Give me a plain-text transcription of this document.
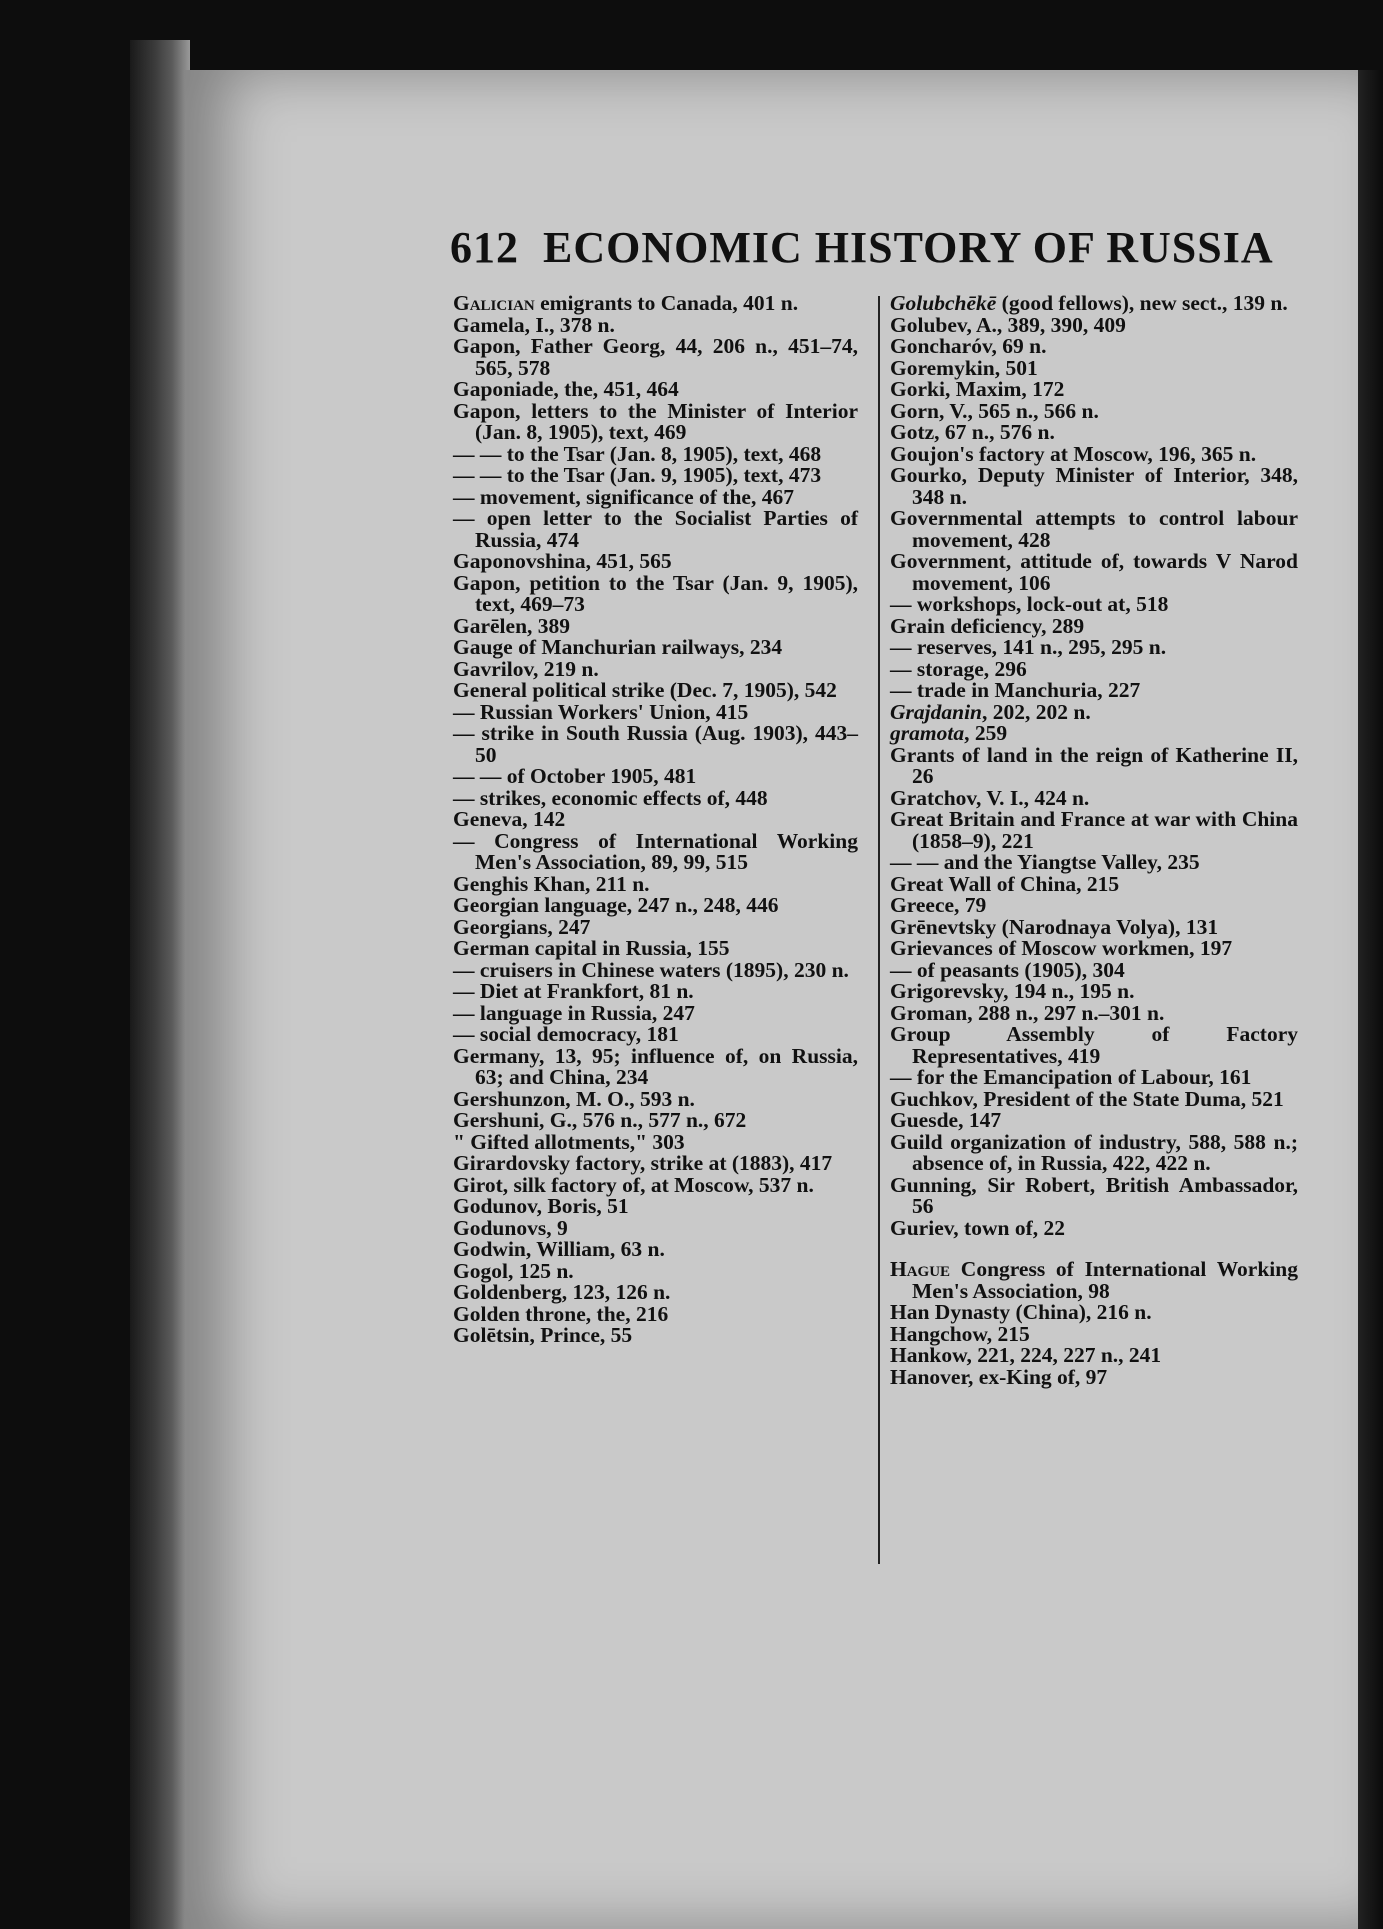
612 ECONOMIC HISTORY OF RUSSIA

Galician emigrants to Canada, 401 n.

Gamela, I., 378 n.

Gapon, Father Georg, 44, 206 n., 451–74, 565, 578

Gaponiade, the, 451, 464

Gapon, letters to the Minister of Interior (Jan. 8, 1905), text, 469

— — to the Tsar (Jan. 8, 1905), text, 468

— — to the Tsar (Jan. 9, 1905), text, 473

— movement, significance of the, 467

— open letter to the Socialist Parties of Russia, 474

Gaponovshina, 451, 565

Gapon, petition to the Tsar (Jan. 9, 1905), text, 469–73

Garēlen, 389

Gauge of Manchurian railways, 234

Gavrilov, 219 n.

General political strike (Dec. 7, 1905), 542

— Russian Workers' Union, 415

— strike in South Russia (Aug. 1903), 443–50

— — of October 1905, 481

— strikes, economic effects of, 448

Geneva, 142

— Congress of International Working Men's Association, 89, 99, 515

Genghis Khan, 211 n.

Georgian language, 247 n., 248, 446

Georgians, 247

German capital in Russia, 155

— cruisers in Chinese waters (1895), 230 n.

— Diet at Frankfort, 81 n.

— language in Russia, 247

— social democracy, 181

Germany, 13, 95; influence of, on Russia, 63; and China, 234

Gershunzon, M. O., 593 n.

Gershuni, G., 576 n., 577 n., 672

" Gifted allotments," 303

Girardovsky factory, strike at (1883), 417

Girot, silk factory of, at Moscow, 537 n.

Godunov, Boris, 51

Godunovs, 9

Godwin, William, 63 n.

Gogol, 125 n.

Goldenberg, 123, 126 n.

Golden throne, the, 216

Golētsin, Prince, 55

Golubchēkē (good fellows), new sect., 139 n.

Golubev, A., 389, 390, 409

Goncharóv, 69 n.

Goremykin, 501

Gorki, Maxim, 172

Gorn, V., 565 n., 566 n.

Gotz, 67 n., 576 n.

Goujon's factory at Moscow, 196, 365 n.

Gourko, Deputy Minister of Interior, 348, 348 n.

Governmental attempts to control labour movement, 428

Government, attitude of, towards V Narod movement, 106

— workshops, lock-out at, 518

Grain deficiency, 289

— reserves, 141 n., 295, 295 n.

— storage, 296

— trade in Manchuria, 227

Grajdanin, 202, 202 n.

gramota, 259

Grants of land in the reign of Katherine II, 26

Gratchov, V. I., 424 n.

Great Britain and France at war with China (1858–9), 221

— — and the Yiangtse Valley, 235

Great Wall of China, 215

Greece, 79

Grēnevtsky (Narodnaya Volya), 131

Grievances of Moscow workmen, 197

— of peasants (1905), 304

Grigorevsky, 194 n., 195 n.

Groman, 288 n., 297 n.–301 n.

Group Assembly of Factory Representatives, 419

— for the Emancipation of Labour, 161

Guchkov, President of the State Duma, 521

Guesde, 147

Guild organization of industry, 588, 588 n.; absence of, in Russia, 422, 422 n.

Gunning, Sir Robert, British Ambassador, 56

Guriev, town of, 22

Hague Congress of International Working Men's Association, 98

Han Dynasty (China), 216 n.

Hangchow, 215

Hankow, 221, 224, 227 n., 241

Hanover, ex-King of, 97
